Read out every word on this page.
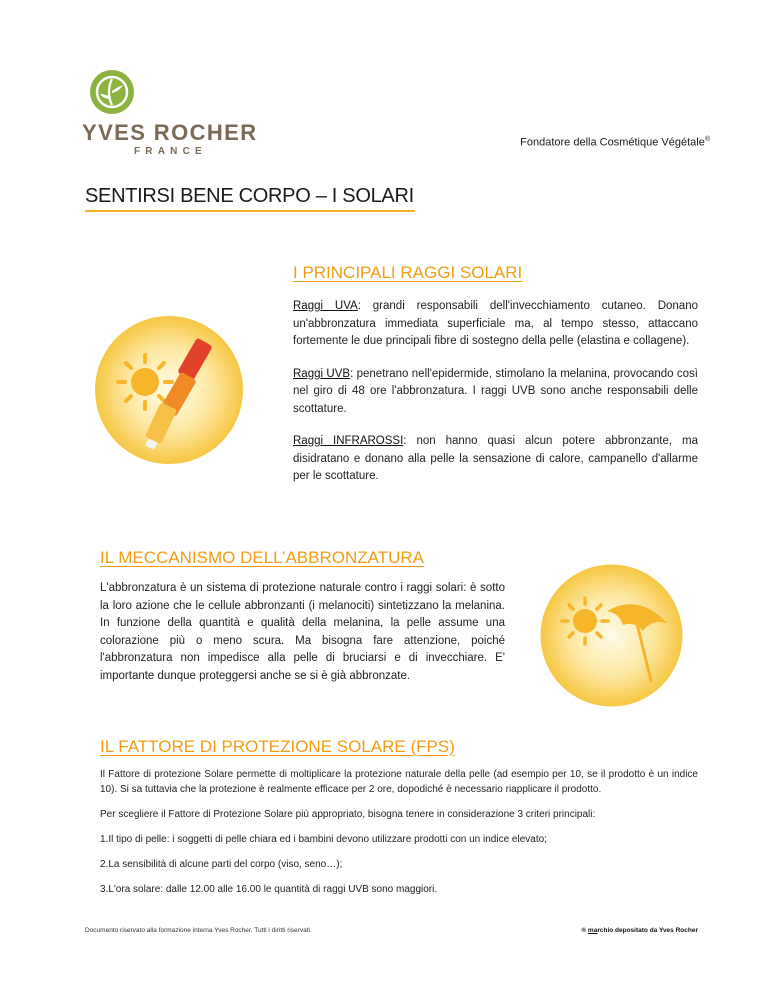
YVES ROCHER
FRANCE
Fondatore della Cosmétique Végétale®
SENTIRSI BENE CORPO – I SOLARI
I PRINCIPALI RAGGI SOLARI

Raggi UVA: grandi responsabili dell'invecchiamento cutaneo. Donano un'abbronzatura immediata superficiale ma, al tempo stesso, attaccano fortemente le due principali fibre di sostegno della pelle (elastina e collagene).

Raggi UVB: penetrano nell'epidermide, stimolano la melanina, provocando così nel giro di 48 ore l'abbronzatura. I raggi UVB sono anche responsabili delle scottature.

Raggi INFRAROSSI: non hanno quasi alcun potere abbronzante, ma disidratano e donano alla pelle la sensazione di calore, campanello d'allarme per le scottature.

IL MECCANISMO DELL’ABBRONZATURA

L'abbronzatura è un sistema di protezione naturale contro i raggi solari: è sotto la loro azione che le cellule abbronzanti (i melanociti) sintetizzano la melanina. In funzione della quantità e qualità della melanina, la pelle assume una colorazione più o meno scura. Ma bisogna fare attenzione, poiché l'abbronzatura non impedisce alla pelle di bruciarsi e di invecchiare. E' importante dunque proteggersi anche se si è già abbronzate.

IL FATTORE DI PROTEZIONE SOLARE (FPS)

Il Fattore di protezione Solare permette di moltiplicare la protezione naturale della pelle (ad esempio per 10, se il prodotto è un indice 10). Si sa tuttavia che la protezione è realmente efficace per 2 ore, dopodiché è necessario riapplicare il prodotto.

Per scegliere il Fattore di Protezione Solare più appropriato, bisogna tenere in considerazione 3 criteri principali:

1.Il tipo di pelle: i soggetti di pelle chiara ed i bambini devono utilizzare prodotti con un indice elevato;

2.La sensibilità di alcune parti del corpo (viso, seno…);

3.L'ora solare: dalle 12.00 alle 16.00 le quantità di raggi UVB sono maggiori.

Documento riservato alla formazione interna Yves Rocher. Tutti i diritti riservati.	® marchio depositato da Yves Rocher
